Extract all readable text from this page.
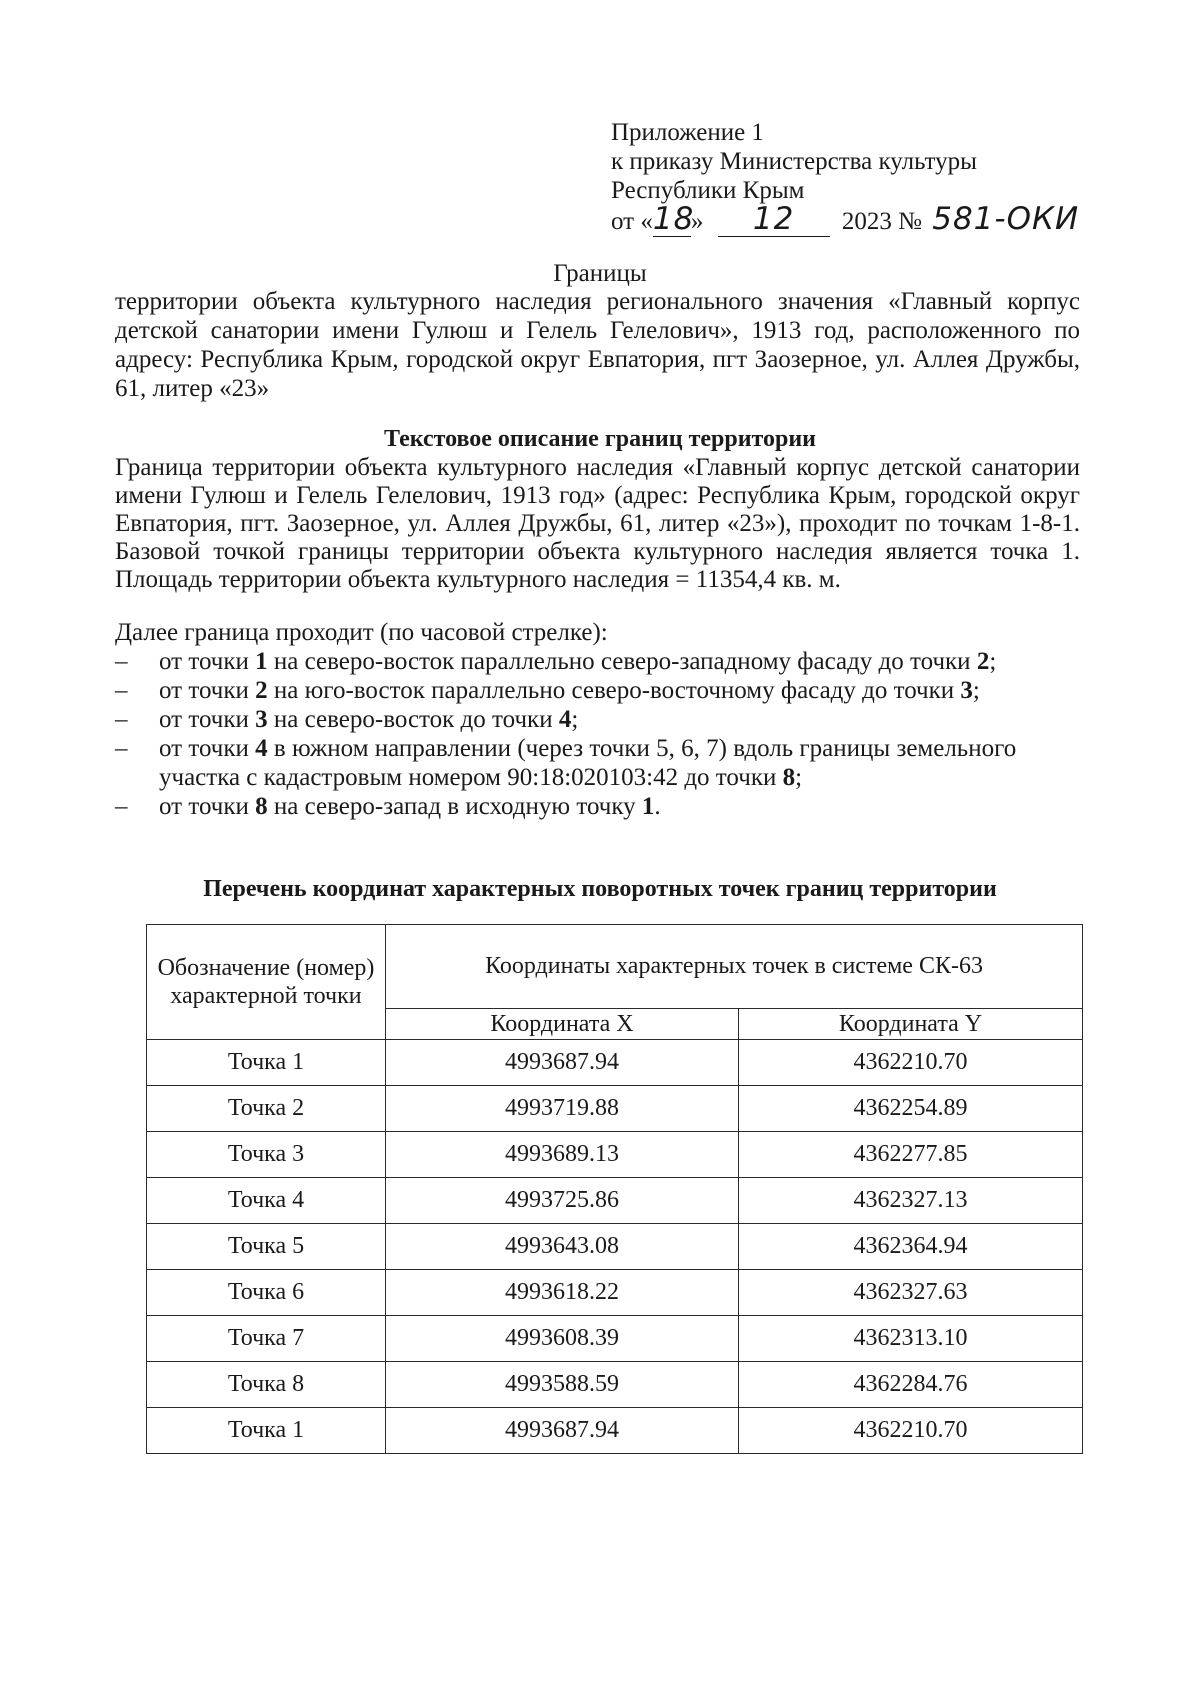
Приложение 1
к приказу Министерства культуры
Республики Крым
от «18» 12 2023 № 581-ОКИ
Границы
территории объекта культурного наследия регионального значения «Главный корпус детской санатории имени Гулюш и Гелель Гелелович», 1913 год, расположенного по адресу: Республика Крым, городской округ Евпатория, пгт Заозерное, ул. Аллея Дружбы, 61, литер «23»
Текстовое описание границ территории
Граница территории объекта культурного наследия «Главный корпус детской санатории имени Гулюш и Гелель Гелелович, 1913 год» (адрес: Республика Крым, городской округ Евпатория, пгт. Заозерное, ул. Аллея Дружбы, 61, литер «23»), проходит по точкам 1-8-1. Базовой точкой границы территории объекта культурного наследия является точка 1. Площадь территории объекта культурного наследия = 11354,4 кв. м.
Далее граница проходит (по часовой стрелке):
– от точки 1 на северо-восток параллельно северо-западному фасаду до точки 2;
– от точки 2 на юго-восток параллельно северо-восточному фасаду до точки 3;
– от точки 3 на северо-восток до точки 4;
– от точки 4 в южном направлении (через точки 5, 6, 7) вдоль границы земельного участка с кадастровым номером 90:18:020103:42 до точки 8;
– от точки 8 на северо-запад в исходную точку 1.
Перечень координат характерных поворотных точек границ территории
Обозначение (номер) характерной точки	Координаты характерных точек в системе СК-63	
	Координата X	Координата Y
Точка 1	4993687.94	4362210.70
Точка 2	4993719.88	4362254.89
Точка 3	4993689.13	4362277.85
Точка 4	4993725.86	4362327.13
Точка 5	4993643.08	4362364.94
Точка 6	4993618.22	4362327.63
Точка 7	4993608.39	4362313.10
Точка 8	4993588.59	4362284.76
Точка 1	4993687.94	4362210.70
